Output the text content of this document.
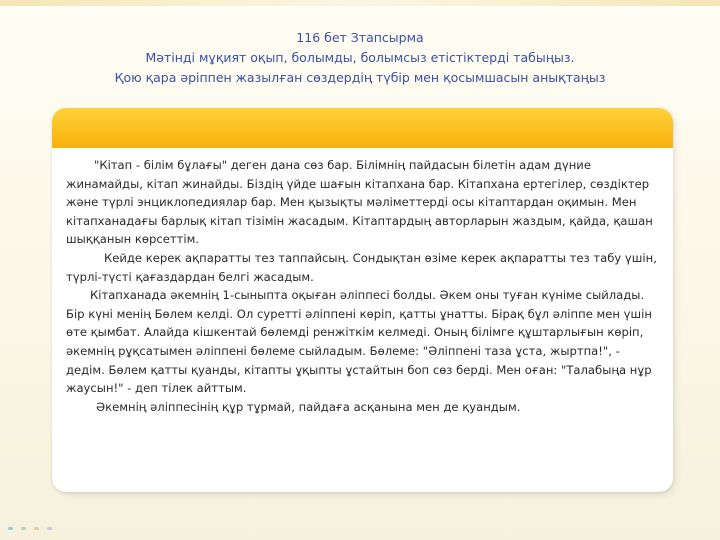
116 бет Зтапсырма
Мәтінді мұқият оқып, болымды, болымсыз етістіктерді табыңыз.
Қою қара әріппен жазылған сөздердің түбір мен қосымшасын анықтаңыз

"Кітап - білім бұлағы" деген дана сөз бар. Білімнің пайдасын білетін адам дүние жинамайды, кітап жинайды. Біздің үйде шағын кітапхана бар. Кітапхана ертегілер, сөздіктер және түрлі энциклопедиялар бар. Мен қызықты мәліметтерді осы кітаптардан оқимын. Мен кітапханадағы барлық кітап тізімін жасадым. Кітаптардың авторларын жаздым, қайда, қашан шыққанын көрсеттім.

Кейде керек ақпаратты тез таппайсың. Сондықтан өзіме керек ақпаратты тез табу үшін, түрлі-түсті қағаздардан белгі жасадым.

Кітапханада әкемнің 1-сыныпта оқыған әліппесі болды. Әкем оны туған күніме сыйлады. Бір күні менің Бөлем келді. Ол суретті әліппені көріп, қатты ұнатты. Бірақ бұл әліппе мен үшін өте қымбат. Алайда кішкентай бөлемді ренжіткім келмеді. Оның білімге құштарлығын көріп, әкемнің рұқсатымен әліппені бөлеме сыйладым. Бөлеме: "Әліппені таза ұста, жыртпа!", - дедім. Бөлем қатты қуанды, кітапты ұқыпты ұстайтын боп сөз берді. Мен оған: "Талабыңа нұр жаусын!" - деп тілек айттым.

Әкемнің әліппесінің құр тұрмай, пайдаға асқанына мен де қуандым.
